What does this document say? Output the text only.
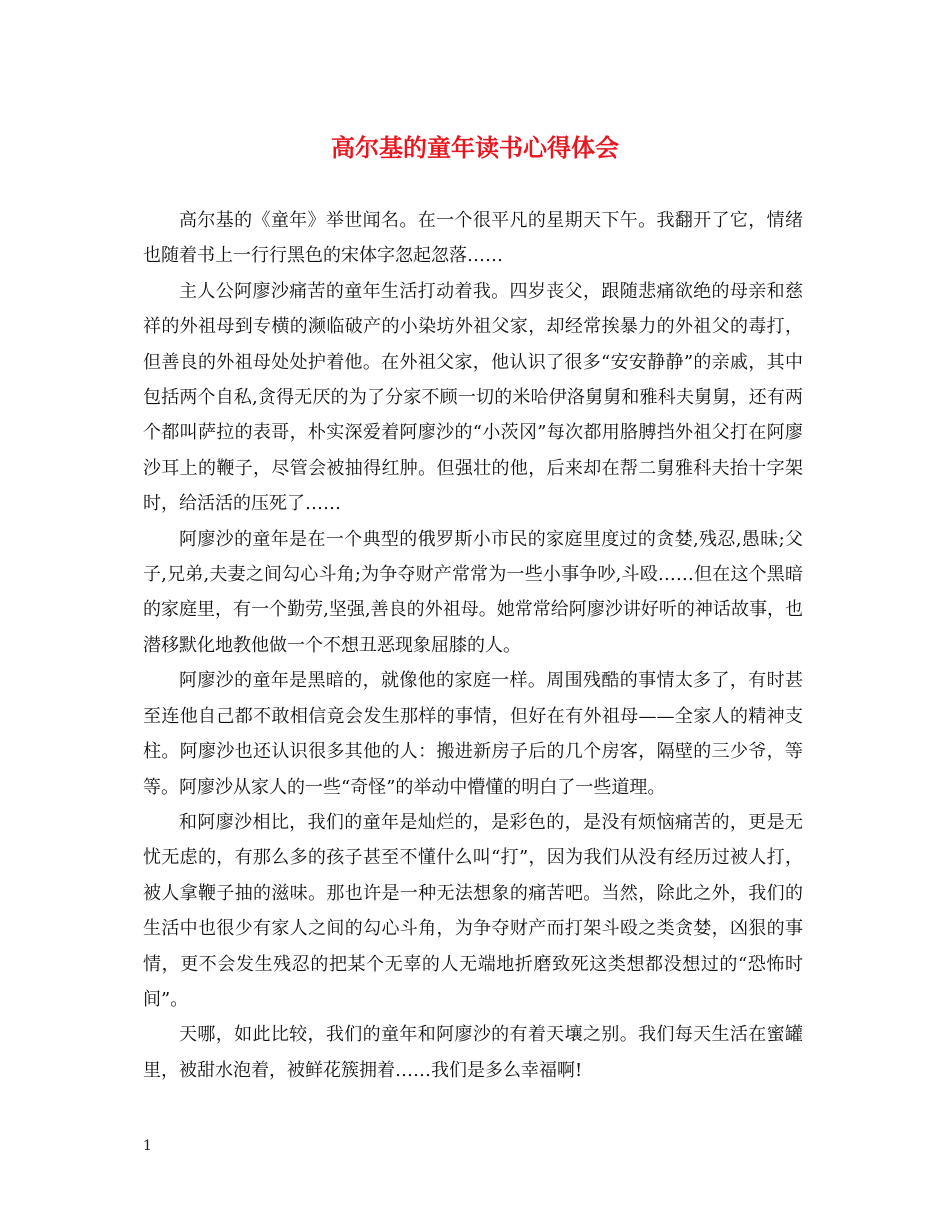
高尔基的童年读书心得体会

高尔基的《童年》举世闻名。在一个很平凡的星期天下午。我翻开了它，情绪也随着书上一行行黑色的宋体字忽起忽落……

主人公阿廖沙痛苦的童年生活打动着我。四岁丧父，跟随悲痛欲绝的母亲和慈祥的外祖母到专横的濒临破产的小染坊外祖父家，却经常挨暴力的外祖父的毒打，但善良的外祖母处处护着他。在外祖父家，他认识了很多“安安静静”的亲戚，其中包括两个自私,贪得无厌的为了分家不顾一切的米哈伊洛舅舅和雅科夫舅舅，还有两个都叫萨拉的表哥，朴实深爱着阿廖沙的“小茨冈”每次都用胳膊挡外祖父打在阿廖沙耳上的鞭子，尽管会被抽得红肿。但强壮的他，后来却在帮二舅雅科夫抬十字架时，给活活的压死了……

阿廖沙的童年是在一个典型的俄罗斯小市民的家庭里度过的贪婪,残忍,愚昧;父子,兄弟,夫妻之间勾心斗角;为争夺财产常常为一些小事争吵,斗殴……但在这个黑暗的家庭里，有一个勤劳,坚强,善良的外祖母。她常常给阿廖沙讲好听的神话故事，也潜移默化地教他做一个不想丑恶现象屈膝的人。

阿廖沙的童年是黑暗的，就像他的家庭一样。周围残酷的事情太多了，有时甚至连他自己都不敢相信竟会发生那样的事情，但好在有外祖母——全家人的精神支柱。阿廖沙也还认识很多其他的人：搬进新房子后的几个房客，隔壁的三少爷，等等。阿廖沙从家人的一些“奇怪”的举动中懵懂的明白了一些道理。

和阿廖沙相比，我们的童年是灿烂的，是彩色的，是没有烦恼痛苦的，更是无忧无虑的，有那么多的孩子甚至不懂什么叫“打”，因为我们从没有经历过被人打，被人拿鞭子抽的滋味。那也许是一种无法想象的痛苦吧。当然，除此之外，我们的生活中也很少有家人之间的勾心斗角，为争夺财产而打架斗殴之类贪婪，凶狠的事情，更不会发生残忍的把某个无辜的人无端地折磨致死这类想都没想过的“恐怖时间”。

天哪，如此比较，我们的童年和阿廖沙的有着天壤之别。我们每天生活在蜜罐里，被甜水泡着，被鲜花簇拥着……我们是多么幸福啊!

1
